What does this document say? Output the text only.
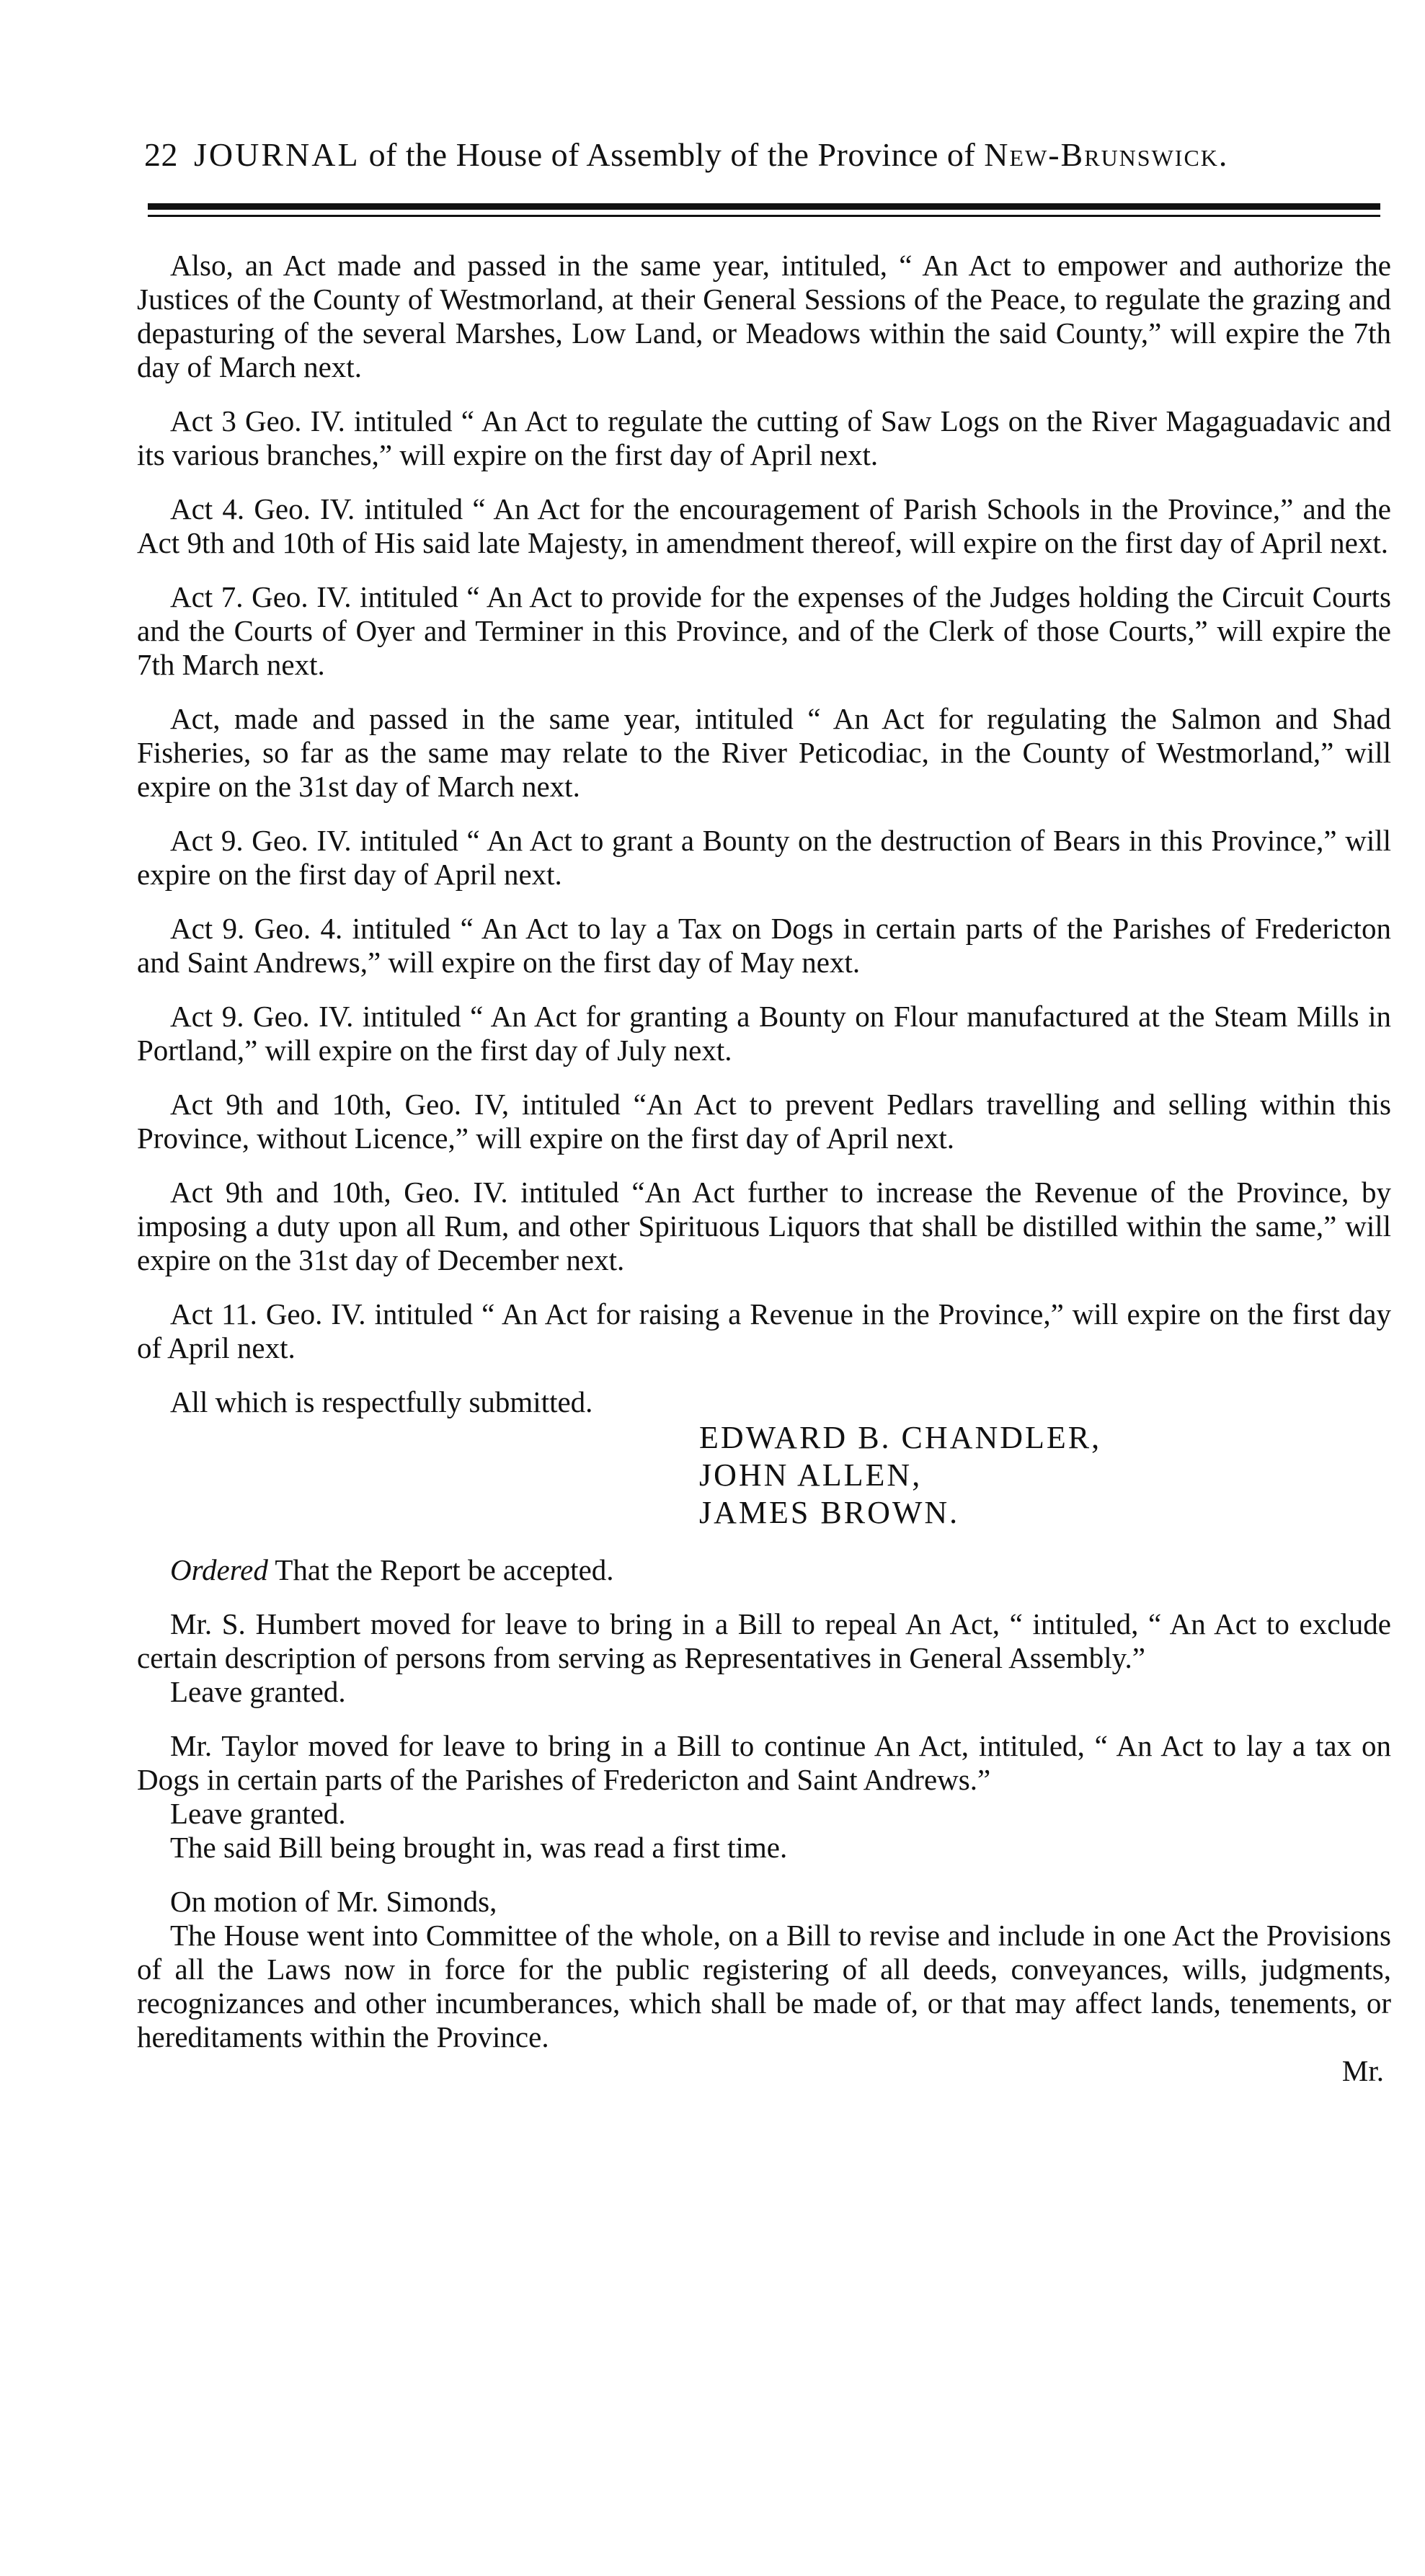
22 JOURNAL of the House of Assembly of the Province of New-Brunswick.

Also, an Act made and passed in the same year, intituled, “ An Act to empower and authorize the Justices of the County of Westmorland, at their General Sessions of the Peace, to regulate the grazing and depasturing of the several Marshes, Low Land, or Meadows within the said County,” will expire the 7th day of March next.

Act 3 Geo. IV. intituled “ An Act to regulate the cutting of Saw Logs on the River Magaguadavic and its various branches,” will expire on the first day of April next.

Act 4. Geo. IV. intituled “ An Act for the encouragement of Parish Schools in the Province,” and the Act 9th and 10th of His said late Majesty, in amendment thereof, will expire on the first day of April next.

Act 7. Geo. IV. intituled “ An Act to provide for the expenses of the Judges holding the Circuit Courts and the Courts of Oyer and Terminer in this Province, and of the Clerk of those Courts,” will expire the 7th March next.

Act, made and passed in the same year, intituled “ An Act for regulating the Salmon and Shad Fisheries, so far as the same may relate to the River Peticodiac, in the County of Westmorland,” will expire on the 31st day of March next.

Act 9. Geo. IV. intituled “ An Act to grant a Bounty on the destruction of Bears in this Province,” will expire on the first day of April next.

Act 9. Geo. 4. intituled “ An Act to lay a Tax on Dogs in certain parts of the Parishes of Fredericton and Saint Andrews,” will expire on the first day of May next.

Act 9. Geo. IV. intituled “ An Act for granting a Bounty on Flour manufactured at the Steam Mills in Portland,” will expire on the first day of July next.

Act 9th and 10th, Geo. IV, intituled “An Act to prevent Pedlars travelling and selling within this Province, without Licence,” will expire on the first day of April next.

Act 9th and 10th, Geo. IV. intituled “An Act further to increase the Revenue of the Province, by imposing a duty upon all Rum, and other Spirituous Liquors that shall be distilled within the same,” will expire on the 31st day of December next.

Act 11. Geo. IV. intituled “ An Act for raising a Revenue in the Province,” will expire on the first day of April next.

All which is respectfully submitted.

EDWARD B. CHANDLER,
JOHN ALLEN,
JAMES BROWN.

Ordered That the Report be accepted.

Mr. S. Humbert moved for leave to bring in a Bill to repeal An Act, “ intituled, “ An Act to exclude certain description of persons from serving as Representatives in General Assembly.”

Leave granted.

Mr. Taylor moved for leave to bring in a Bill to continue An Act, intituled, “ An Act to lay a tax on Dogs in certain parts of the Parishes of Fredericton and Saint Andrews.”

Leave granted.

The said Bill being brought in, was read a first time.

On motion of Mr. Simonds,

The House went into Committee of the whole, on a Bill to revise and include in one Act the Provisions of all the Laws now in force for the public registering of all deeds, conveyances, wills, judgments, recognizances and other incumberances, which shall be made of, or that may affect lands, tenements, or hereditaments within the Province.

Mr.
